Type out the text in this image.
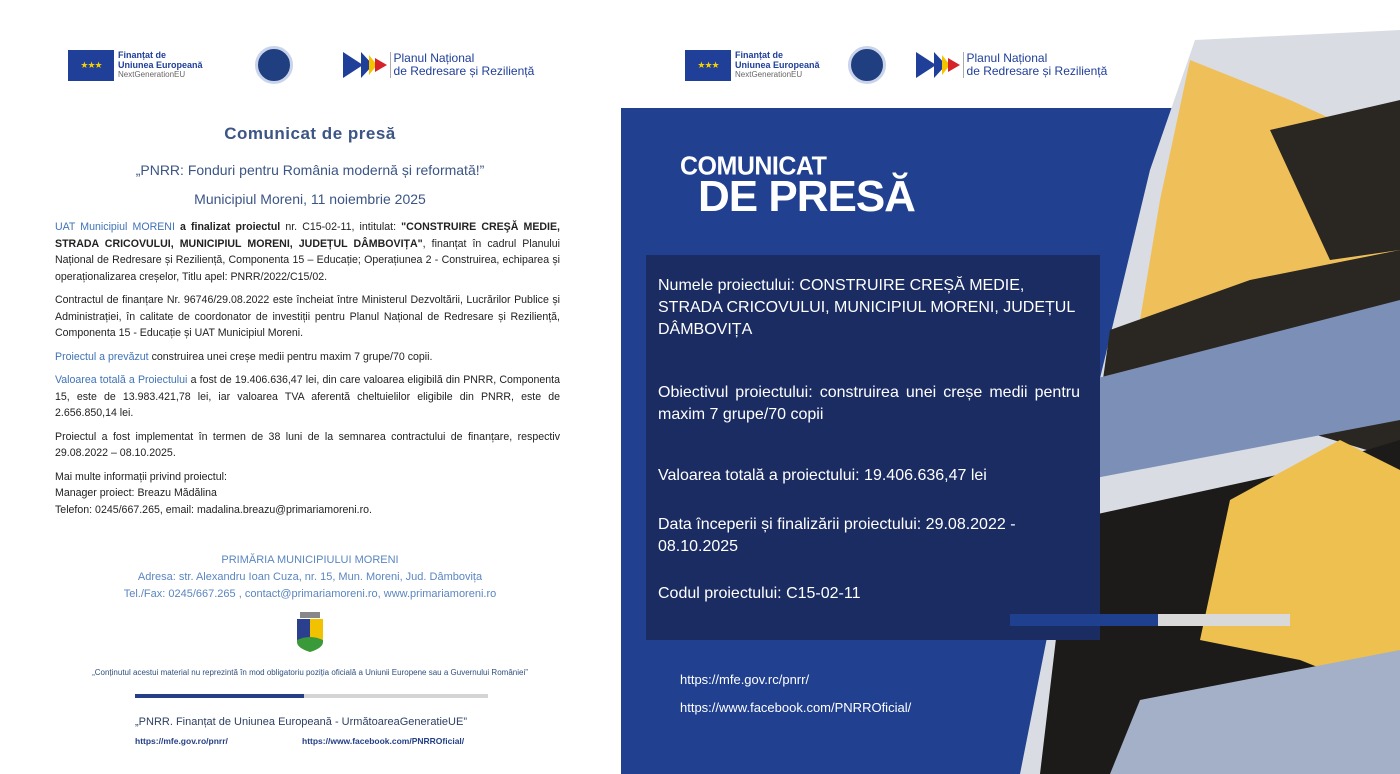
★★★
Finanțat de
Uniunea Europeană
NextGenerationEU
Planul Național
de Redresare și Reziliență
Comunicat de presă
„PNRR: Fonduri pentru România modernă și reformată!”
Municipiul Moreni, 11 noiembrie 2025

UAT Municipiul MORENI a finalizat proiectul nr. C15-02-11, intitulat: "CONSTRUIRE CREŞĂ MEDIE, STRADA CRICOVULUI, MUNICIPIUL MORENI, JUDEȚUL DÂMBOVIȚA", finanțat în cadrul Planului Național de Redresare și Reziliență, Componenta 15 – Educație; Operațiunea 2 - Construirea, echiparea și operaționalizarea creșelor, Titlu apel: PNRR/2022/C15/02.

Contractul de finanțare Nr. 96746/29.08.2022 este încheiat între Ministerul Dezvoltării, Lucrărilor Publice și Administrației, în calitate de coordonator de investiții pentru Planul Național de Redresare și Reziliență, Componenta 15 - Educație și UAT Municipiul Moreni.

Proiectul a prevăzut construirea unei creșe medii pentru maxim 7 grupe/70 copii.

Valoarea totală a Proiectului a fost de 19.406.636,47 lei, din care valoarea eligibilă din PNRR, Componenta 15, este de 13.983.421,78 lei, iar valoarea TVA aferentă cheltuielilor eligibile din PNRR, este de 2.656.850,14 lei.

Proiectul a fost implementat în termen de 38 luni de la semnarea contractului de finanțare, respectiv 29.08.2022 – 08.10.2025.

Mai multe informații privind proiectul:
Manager proiect: Breazu Mădălina
Telefon: 0245/667.265, email: madalina.breazu@primariamoreni.ro.
PRIMĂRIA MUNICIPIULUI MORENI
Adresa: str. Alexandru Ioan Cuza, nr. 15, Mun. Moreni, Jud. Dâmbovița
Tel./Fax: 0245/667.265 , contact@primariamoreni.ro, www.primariamoreni.ro
„Conținutul acestui material nu reprezintă în mod obligatoriu poziția oficială a Uniunii Europene sau a Guvernului României”
„PNRR. Finanțat de Uniunea Europeană - UrmătoareaGeneratieUE”
https://mfe.gov.ro/pnrr/	https://www.facebook.com/PNRROficial/
★★★
Finanțat de
Uniunea Europeană
NextGenerationEU
Planul Național
de Redresare și Reziliență
COMUNICAT
DE PRESĂ

Numele proiectului: CONSTRUIRE CREȘĂ MEDIE, STRADA CRICOVULUI, MUNICIPIUL MORENI, JUDEȚUL DÂMBOVIȚA

Obiectivul proiectului: construirea unei creșe medii pentru maxim 7 grupe/70 copii

Valoarea totală a proiectului: 19.406.636,47 lei

Data începerii și finalizării proiectului: 29.08.2022 - 08.10.2025

Codul proiectului: C15-02-11

https://mfe.gov.rc/pnrr/
https://www.facebook.com/PNRROficial/
